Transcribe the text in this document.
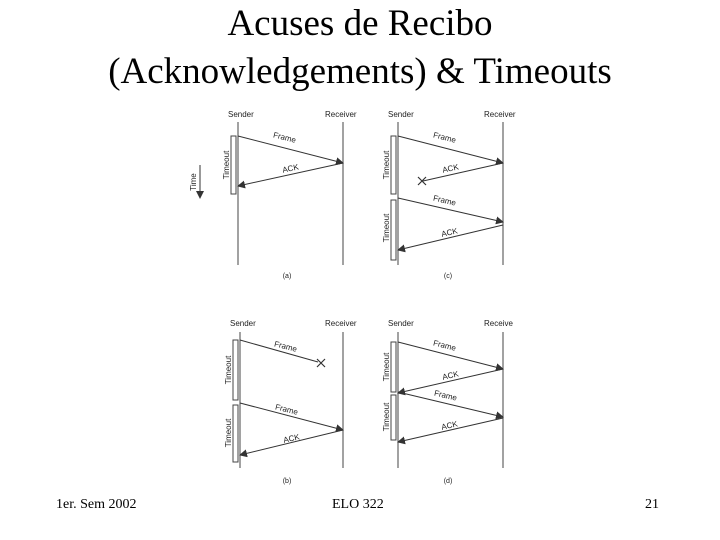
Acuses de Recibo
(Acknowledgements) & Timeouts
Time
Sender	Receiver
Timeout
Frame
ACK
(a)
Sender	Receiver
Timeout
Timeout
Frame
ACK
Frame
ACK
(c)
Sender	Receiver
Timeout
Timeout
Frame
Frame
ACK
(b)
Sender	Receive
Timeout
Timeout
Frame
ACK
Frame
ACK
(d)
1er. Sem 2002	ELO 322	21
